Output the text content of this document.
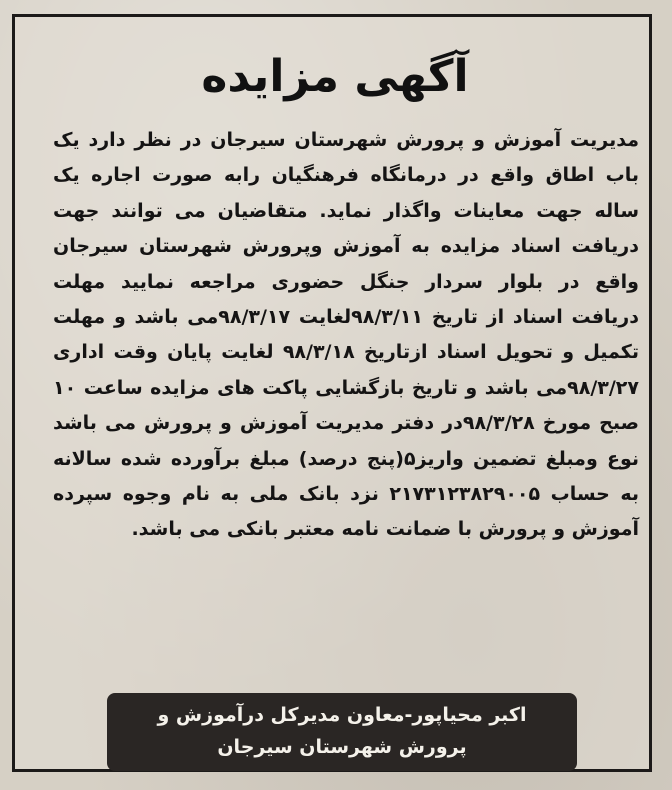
آگهی مزایده
مدیریت آموزش و پرورش شهرستان سیرجان در نظر دارد یک باب اطاق واقع در درمانگاه فرهنگیان رابه صورت اجاره یک ساله جهت معاینات واگذار نماید. متقاضیان می توانند جهت دریافت اسناد مزایده به آموزش وپرورش شهرستان سیرجان واقع در بلوار سردار جنگل حضوری مراجعه نمایید مهلت دریافت اسناد از تاریخ ۹۸/۳/۱۱لغایت ۹۸/۳/۱۷می باشد و مهلت تکمیل و تحویل اسناد ازتاریخ ۹۸/۳/۱۸ لغایت پایان وقت اداری ۹۸/۳/۲۷می باشد و تاریخ بازگشایی پاکت های مزایده ساعت ۱۰ صبح مورخ ۹۸/۳/۲۸در دفتر مدیریت آموزش و پرورش می باشد نوع ومبلغ تضمین واریز۵(پنج درصد) مبلغ برآورده شده سالانه به حساب ۲۱۷۳۱۲۳۸۲۹۰۰۵ نزد بانک ملی به نام وجوه سپرده آموزش و پرورش با ضمانت نامه معتبر بانکی می باشد.
اکبر محیاپور-معاون مدیرکل درآموزش و
پرورش شهرستان سیرجان
